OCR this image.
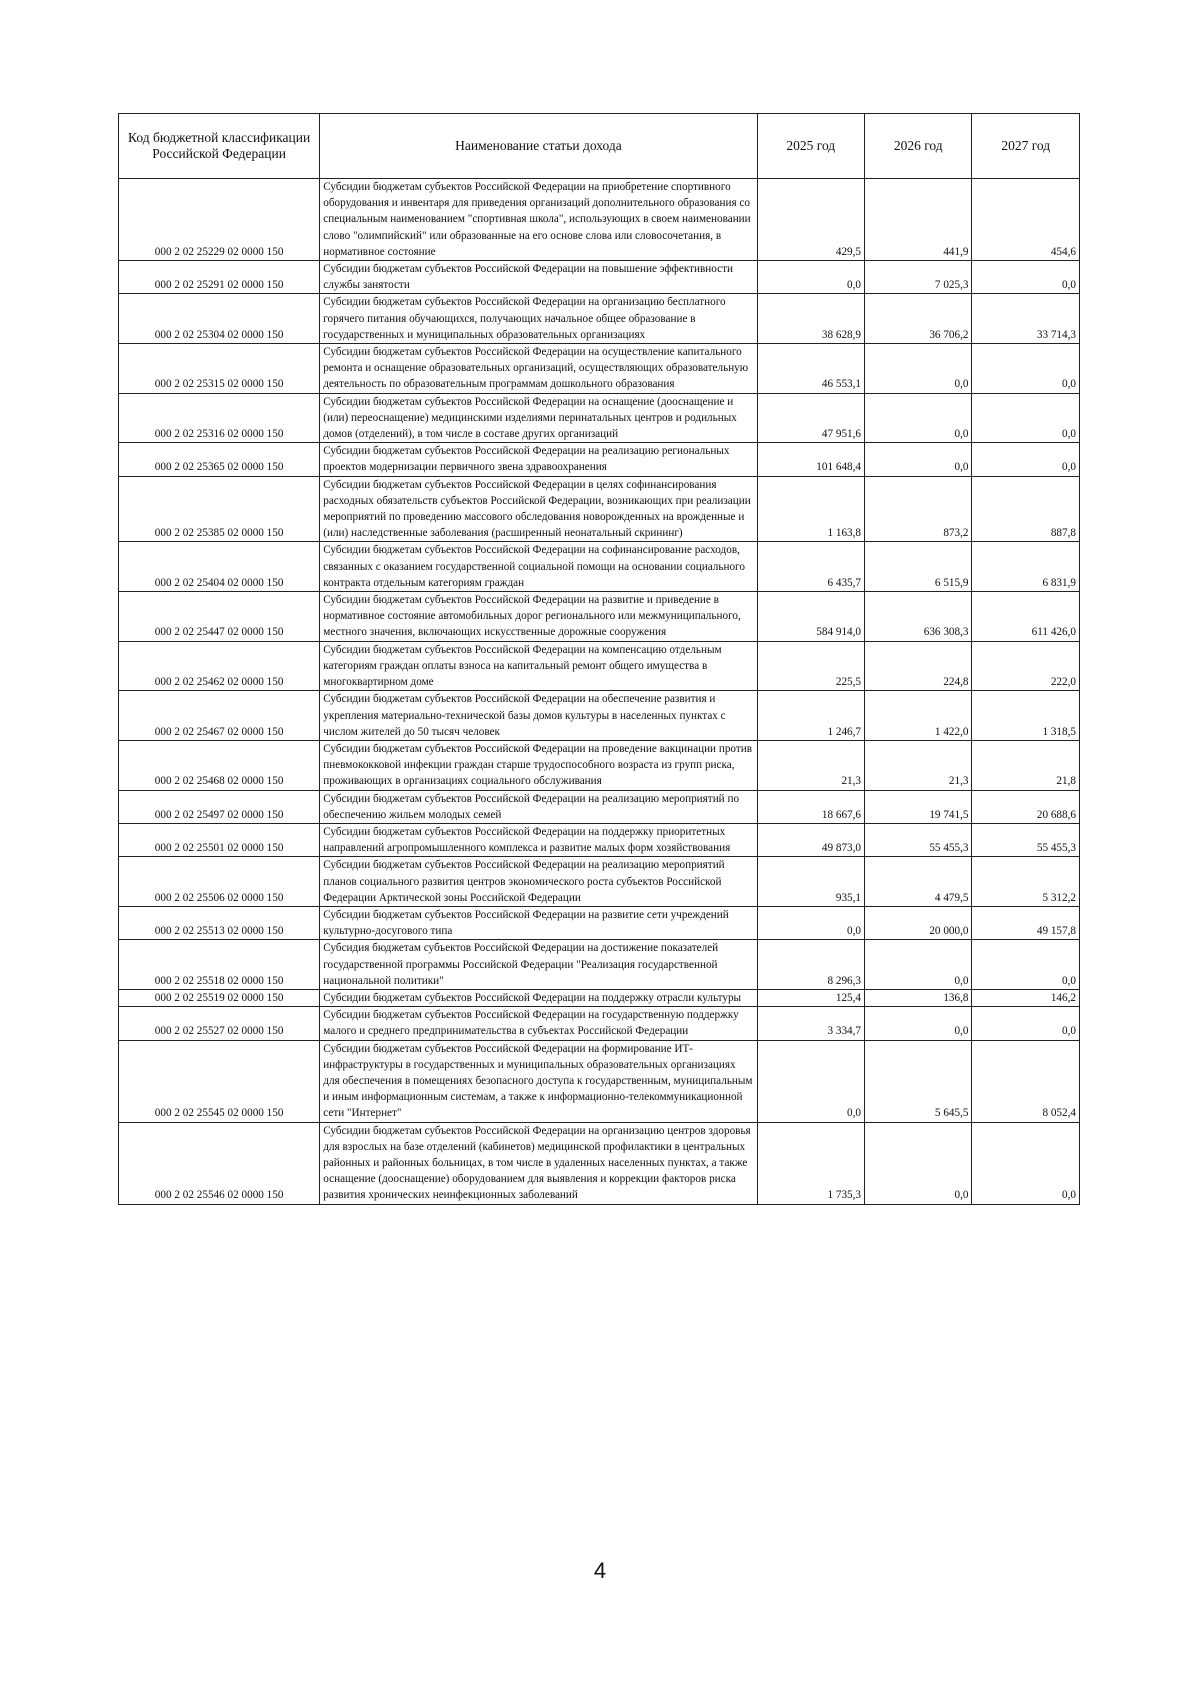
Код бюджетной классификации Российской Федерации	Наименование статьи дохода	2025 год	2026 год	2027 год
000 2 02 25229 02 0000 150	Субсидии бюджетам субъектов Российской Федерации на приобретение спортивного оборудования и инвентаря для приведения организаций дополнительного образования со специальным наименованием "спортивная школа", использующих в своем наименовании слово "олимпийский" или образованные на его основе слова или словосочетания, в нормативное состояние	429,5	441,9	454,6
000 2 02 25291 02 0000 150	Субсидии бюджетам субъектов Российской Федерации на повышение эффективности службы занятости	0,0	7 025,3	0,0
000 2 02 25304 02 0000 150	Субсидии бюджетам субъектов Российской Федерации на организацию бесплатного горячего питания обучающихся, получающих начальное общее образование в государственных и муниципальных образовательных организациях	38 628,9	36 706,2	33 714,3
000 2 02 25315 02 0000 150	Субсидии бюджетам субъектов Российской Федерации на осуществление капитального ремонта и оснащение образовательных организаций, осуществляющих образовательную деятельность по образовательным программам дошкольного образования	46 553,1	0,0	0,0
000 2 02 25316 02 0000 150	Субсидии бюджетам субъектов Российской Федерации на оснащение (дооснащение и (или) переоснащение) медицинскими изделиями перинатальных центров и родильных домов (отделений), в том числе в составе других организаций	47 951,6	0,0	0,0
000 2 02 25365 02 0000 150	Субсидии бюджетам субъектов Российской Федерации на реализацию региональных проектов модернизации первичного звена здравоохранения	101 648,4	0,0	0,0
000 2 02 25385 02 0000 150	Субсидии бюджетам субъектов Российской Федерации в целях софинансирования расходных обязательств субъектов Российской Федерации, возникающих при реализации мероприятий по проведению массового обследования новорожденных на врожденные и (или) наследственные заболевания (расширенный неонатальный скрининг)	1 163,8	873,2	887,8
000 2 02 25404 02 0000 150	Субсидии бюджетам субъектов Российской Федерации на софинансирование расходов, связанных с оказанием государственной социальной помощи на основании социального контракта отдельным категориям граждан	6 435,7	6 515,9	6 831,9
000 2 02 25447 02 0000 150	Субсидии бюджетам субъектов Российской Федерации на развитие и приведение в нормативное состояние автомобильных дорог регионального или межмуниципального, местного значения, включающих искусственные дорожные сооружения	584 914,0	636 308,3	611 426,0
000 2 02 25462 02 0000 150	Субсидии бюджетам субъектов Российской Федерации на компенсацию отдельным категориям граждан оплаты взноса на капитальный ремонт общего имущества в многоквартирном доме	225,5	224,8	222,0
000 2 02 25467 02 0000 150	Субсидии бюджетам субъектов Российской Федерации на обеспечение развития и укрепления материально-технической базы домов культуры в населенных пунктах с числом жителей до 50 тысяч человек	1 246,7	1 422,0	1 318,5
000 2 02 25468 02 0000 150	Субсидии бюджетам субъектов Российской Федерации на проведение вакцинации против пневмококковой инфекции граждан старше трудоспособного возраста из групп риска, проживающих в организациях социального обслуживания	21,3	21,3	21,8
000 2 02 25497 02 0000 150	Субсидии бюджетам субъектов Российской Федерации на реализацию мероприятий по обеспечению жильем молодых семей	18 667,6	19 741,5	20 688,6
000 2 02 25501 02 0000 150	Субсидии бюджетам субъектов Российской Федерации на поддержку приоритетных направлений агропромышленного комплекса и развитие малых форм хозяйствования	49 873,0	55 455,3	55 455,3
000 2 02 25506 02 0000 150	Субсидии бюджетам субъектов Российской Федерации на реализацию мероприятий планов социального развития центров экономического роста субъектов Российской Федерации Арктической зоны Российской Федерации	935,1	4 479,5	5 312,2
000 2 02 25513 02 0000 150	Субсидии бюджетам субъектов Российской Федерации на развитие сети учреждений культурно-досугового типа	0,0	20 000,0	49 157,8
000 2 02 25518 02 0000 150	Субсидия бюджетам субъектов Российской Федерации на достижение показателей государственной программы Российской Федерации "Реализация государственной национальной политики"	8 296,3	0,0	0,0
000 2 02 25519 02 0000 150	Субсидии бюджетам субъектов Российской Федерации на поддержку отрасли культуры	125,4	136,8	146,2
000 2 02 25527 02 0000 150	Субсидии бюджетам субъектов Российской Федерации на государственную поддержку малого и среднего предпринимательства в субъектах Российской Федерации	3 334,7	0,0	0,0
000 2 02 25545 02 0000 150	Субсидии бюджетам субъектов Российской Федерации на формирование ИТ-инфраструктуры в государственных и муниципальных образовательных организациях для обеспечения в помещениях безопасного доступа к государственным, муниципальным и иным информационным системам, а также к информационно-телекоммуникационной сети "Интернет"	0,0	5 645,5	8 052,4
000 2 02 25546 02 0000 150	Субсидии бюджетам субъектов Российской Федерации на организацию центров здоровья для взрослых на базе отделений (кабинетов) медицинской профилактики в центральных районных и районных больницах, в том числе в удаленных населенных пунктах, а также оснащение (дооснащение) оборудованием для выявления и коррекции факторов риска развития хронических неинфекционных заболеваний	1 735,3	0,0	0,0
4
